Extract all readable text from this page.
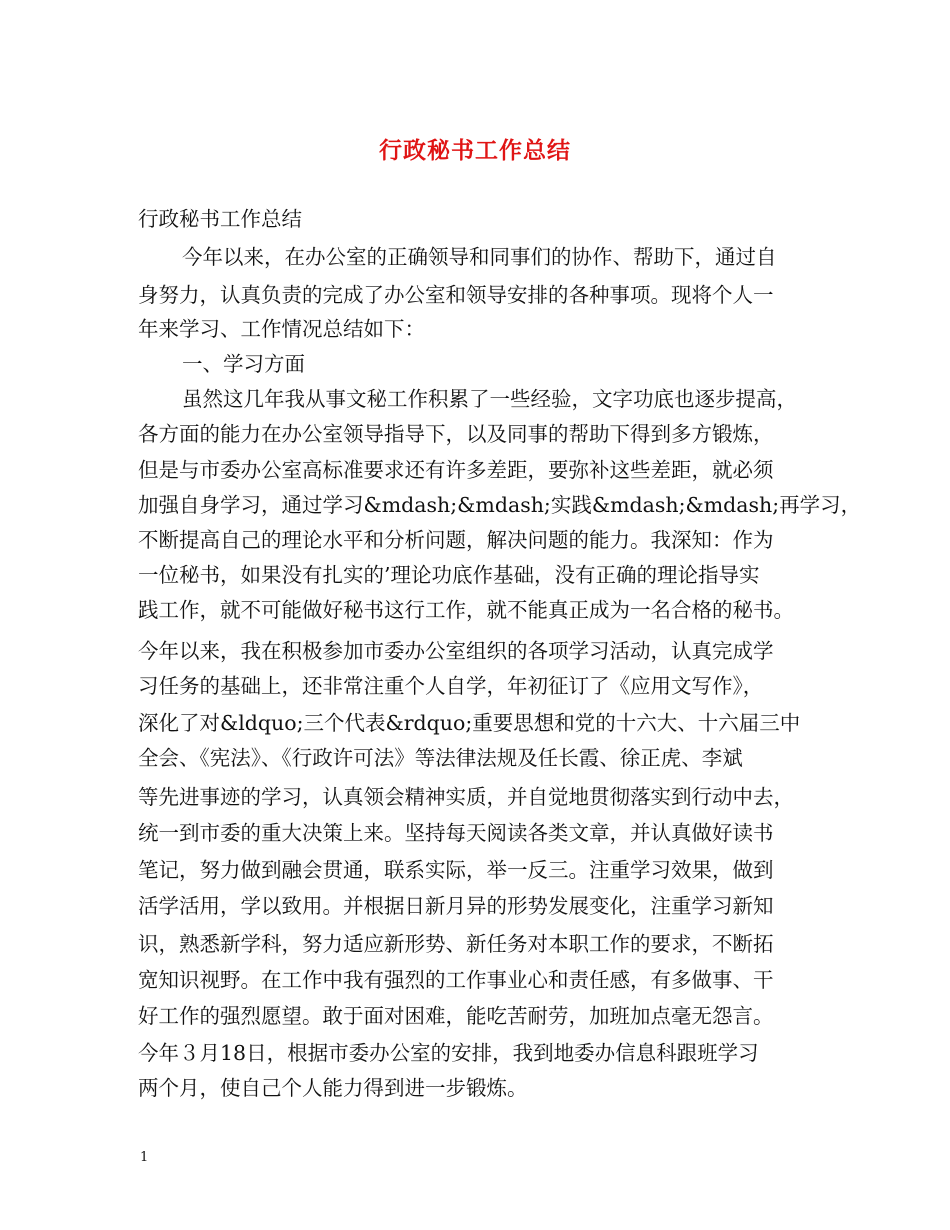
行政秘书工作总结

行政秘书工作总结

今年以来，在办公室的正确领导和同事们的协作、帮助下，通过自

身努力，认真负责的完成了办公室和领导安排的各种事项。现将个人一

年来学习、工作情况总结如下：

一、学习方面

虽然这几年我从事文秘工作积累了一些经验，文字功底也逐步提高，

各方面的能力在办公室领导指导下，以及同事的帮助下得到多方锻炼，

但是与市委办公室高标准要求还有许多差距，要弥补这些差距，就必须

加强自身学习，通过学习&mdash;&mdash;实践&mdash;&mdash;再学习，

不断提高自己的理论水平和分析问题，解决问题的能力。我深知：作为

一位秘书，如果没有扎实的’理论功底作基础，没有正确的理论指导实

践工作，就不可能做好秘书这行工作，就不能真正成为一名合格的秘书。

今年以来，我在积极参加市委办公室组织的各项学习活动，认真完成学

习任务的基础上，还非常注重个人自学，年初征订了《应用文写作》，

深化了对&ldquo;三个代表&rdquo;重要思想和党的十六大、十六届三中

全会、《宪法》、《行政许可法》等法律法规及任长霞、徐正虎、李斌

等先进事迹的学习，认真领会精神实质，并自觉地贯彻落实到行动中去，

统一到市委的重大决策上来。坚持每天阅读各类文章，并认真做好读书

笔记，努力做到融会贯通，联系实际，举一反三。注重学习效果，做到

活学活用，学以致用。并根据日新月异的形势发展变化，注重学习新知

识，熟悉新学科，努力适应新形势、新任务对本职工作的要求，不断拓

宽知识视野。在工作中我有强烈的工作事业心和责任感，有多做事、干

好工作的强烈愿望。敢于面对困难，能吃苦耐劳，加班加点毫无怨言。

今年３月18日，根据市委办公室的安排，我到地委办信息科跟班学习

两个月，使自己个人能力得到进一步锻炼。

1
